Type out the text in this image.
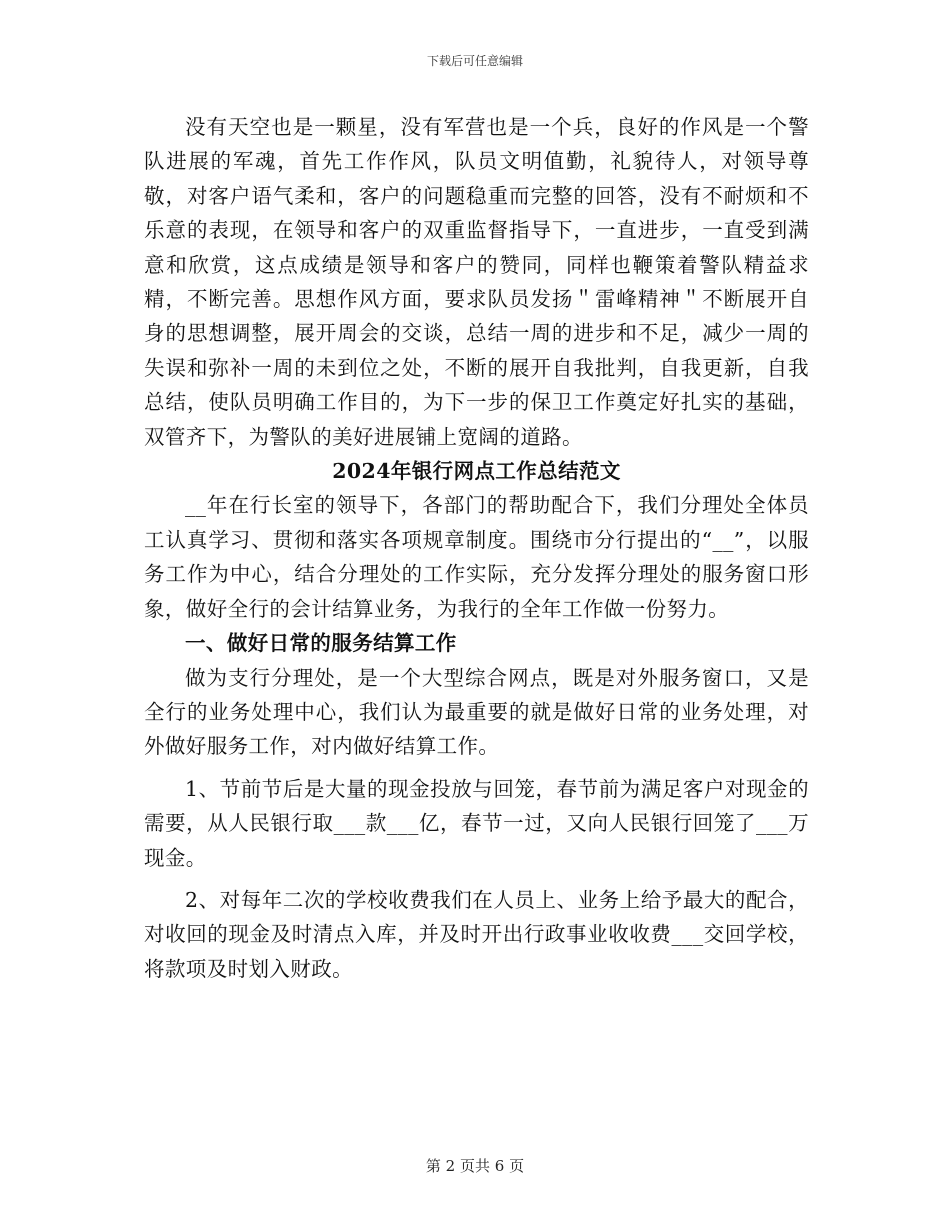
下载后可任意编辑

没有天空也是一颗星，没有军营也是一个兵，良好的作风是一个警队进展的军魂，首先工作作风，队员文明值勤，礼貌待人，对领导尊敬，对客户语气柔和，客户的问题稳重而完整的回答，没有不耐烦和不乐意的表现，在领导和客户的双重监督指导下，一直进步，一直受到满意和欣赏，这点成绩是领导和客户的赞同，同样也鞭策着警队精益求精，不断完善。思想作风方面，要求队员发扬＂雷峰精神＂不断展开自身的思想调整，展开周会的交谈，总结一周的进步和不足，减少一周的失误和弥补一周的未到位之处，不断的展开自我批判，自我更新，自我总结，使队员明确工作目的，为下一步的保卫工作奠定好扎实的基础，双管齐下，为警队的美好进展铺上宽阔的道路。

2024年银行网点工作总结范文

__年在行长室的领导下，各部门的帮助配合下，我们分理处全体员工认真学习、贯彻和落实各项规章制度。围绕市分行提出的“__”，以服务工作为中心，结合分理处的工作实际，充分发挥分理处的服务窗口形象，做好全行的会计结算业务，为我行的全年工作做一份努力。

一、做好日常的服务结算工作

做为支行分理处，是一个大型综合网点，既是对外服务窗口，又是全行的业务处理中心，我们认为最重要的就是做好日常的业务处理，对外做好服务工作，对内做好结算工作。

1、节前节后是大量的现金投放与回笼，春节前为满足客户对现金的需要，从人民银行取___款___亿，春节一过，又向人民银行回笼了___万现金。

2、对每年二次的学校收费我们在人员上、业务上给予最大的配合，对收回的现金及时清点入库，并及时开出行政事业收收费___交回学校，将款项及时划入财政。

第 2 页共 6 页
